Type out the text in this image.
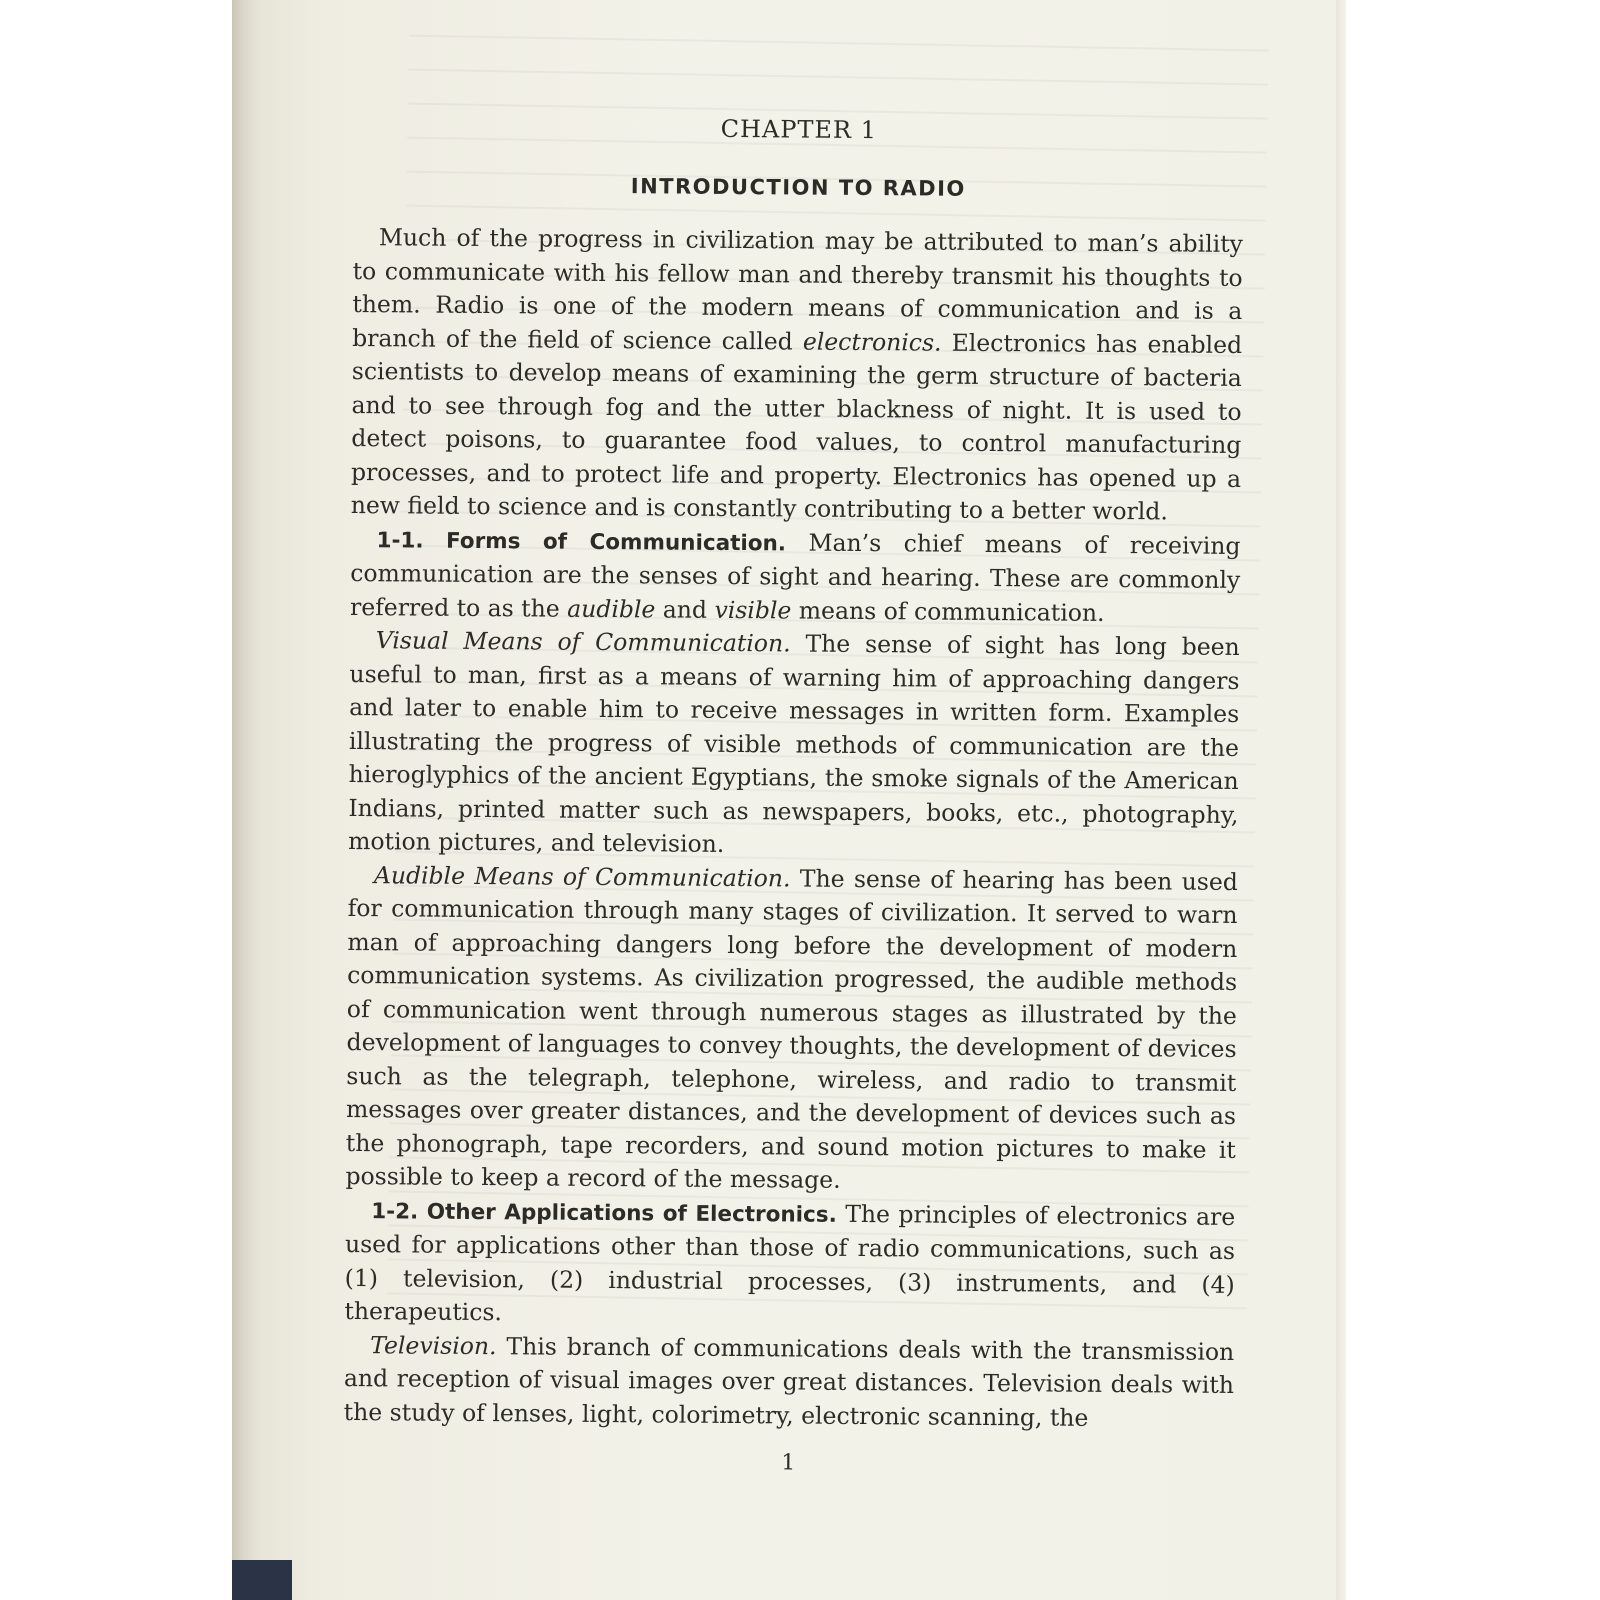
CHAPTER 1
INTRODUCTION TO RADIO

Much of the progress in civilization may be attributed to man’s ability to communicate with his fellow man and thereby transmit his thoughts to them. Radio is one of the modern means of communication and is a branch of the field of science called electronics. Electronics has enabled scientists to develop means of examining the germ structure of bacteria and to see through fog and the utter blackness of night. It is used to detect poisons, to guarantee food values, to control manufacturing processes, and to protect life and property. Electronics has opened up a new field to science and is constantly contributing to a better world.

1-1. Forms of Communication. Man’s chief means of receiving communication are the senses of sight and hearing. These are commonly referred to as the audible and visible means of communication.

Visual Means of Communication. The sense of sight has long been useful to man, first as a means of warning him of approaching dangers and later to enable him to receive messages in written form. Examples illustrating the progress of visible methods of communication are the hieroglyphics of the ancient Egyptians, the smoke signals of the American Indians, printed matter such as newspapers, books, etc., photography, motion pictures, and television.

Audible Means of Communication. The sense of hearing has been used for communication through many stages of civilization. It served to warn man of approaching dangers long before the development of modern communication systems. As civilization progressed, the audible methods of communication went through numerous stages as illustrated by the development of languages to convey thoughts, the development of devices such as the telegraph, telephone, wireless, and radio to transmit messages over greater distances, and the development of devices such as the phonograph, tape recorders, and sound motion pictures to make it possible to keep a record of the message.

1-2. Other Applications of Electronics. The principles of electronics are used for applications other than those of radio communications, such as (1) television, (2) industrial processes, (3) instruments, and (4) therapeutics.

Television. This branch of communications deals with the transmission and reception of visual images over great distances. Television deals with the study of lenses, light, colorimetry, electronic scanning, the

1
